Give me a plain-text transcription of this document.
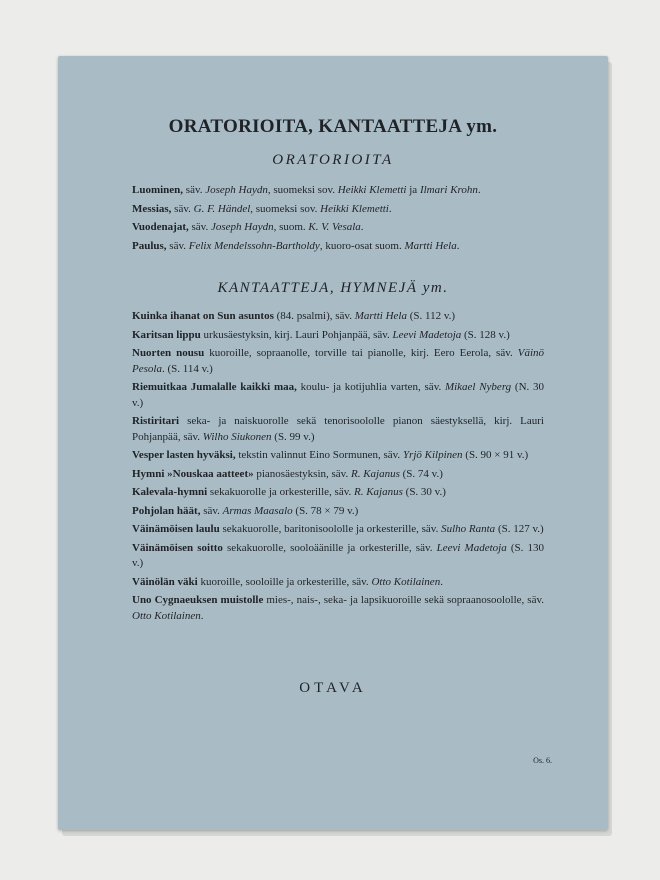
ORATORIOITA, KANTAATTEJA ym.
ORATORIOITA
Luominen, säv. Joseph Haydn, suomeksi sov. Heikki Klemetti ja Ilmari Krohn.
Messias, säv. G. F. Händel, suomeksi sov. Heikki Klemetti.
Vuodenajat, säv. Joseph Haydn, suom. K. V. Vesala.
Paulus, säv. Felix Mendelssohn-Bartholdy, kuoro-osat suom. Martti Hela.
KANTAATTEJA, HYMNEJÄ ym.
Kuinka ihanat on Sun asuntos (84. psalmi), säv. Martti Hela (S. 112 v.)
Karitsan lippu urkusäestyksin, kirj. Lauri Pohjanpää, säv. Leevi Madetoja (S. 128 v.)
Nuorten nousu kuoroille, sopraanolle, torville tai pianolle, kirj. Eero Eerola, säv. Väinö Pesola. (S. 114 v.)
Riemuitkaa Jumalalle kaikki maa, koulu- ja kotijuhlia varten, säv. Mikael Nyberg (N. 30 v.)
Ristiritari seka- ja naiskuorolle sekä tenorisoololle pianon säestyksellä, kirj. Lauri Pohjanpää, säv. Wilho Siukonen (S. 99 v.)
Vesper lasten hyväksi, tekstin valinnut Eino Sormunen, säv. Yrjö Kilpinen (S. 90 × 91 v.)
Hymni »Nouskaa aatteet» pianosäestyksin, säv. R. Kajanus (S. 74 v.)
Kalevala-hymni sekakuorolle ja orkesterille, säv. R. Kajanus (S. 30 v.)
Pohjolan häät, säv. Armas Maasalo (S. 78 × 79 v.)
Väinämöisen laulu sekakuorolle, baritonisoololle ja orkesterille, säv. Sulho Ranta (S. 127 v.)
Väinämöisen soitto sekakuorolle, sooloäänille ja orkesterille, säv. Leevi Madetoja (S. 130 v.)
Väinölän väki kuoroille, sooloille ja orkesterille, säv. Otto Kotilainen.
Uno Cygnaeuksen muistolle mies-, nais-, seka- ja lapsikuoroille sekä sopraanosoololle, säv. Otto Kotilainen.
OTAVA
Os. 6.
